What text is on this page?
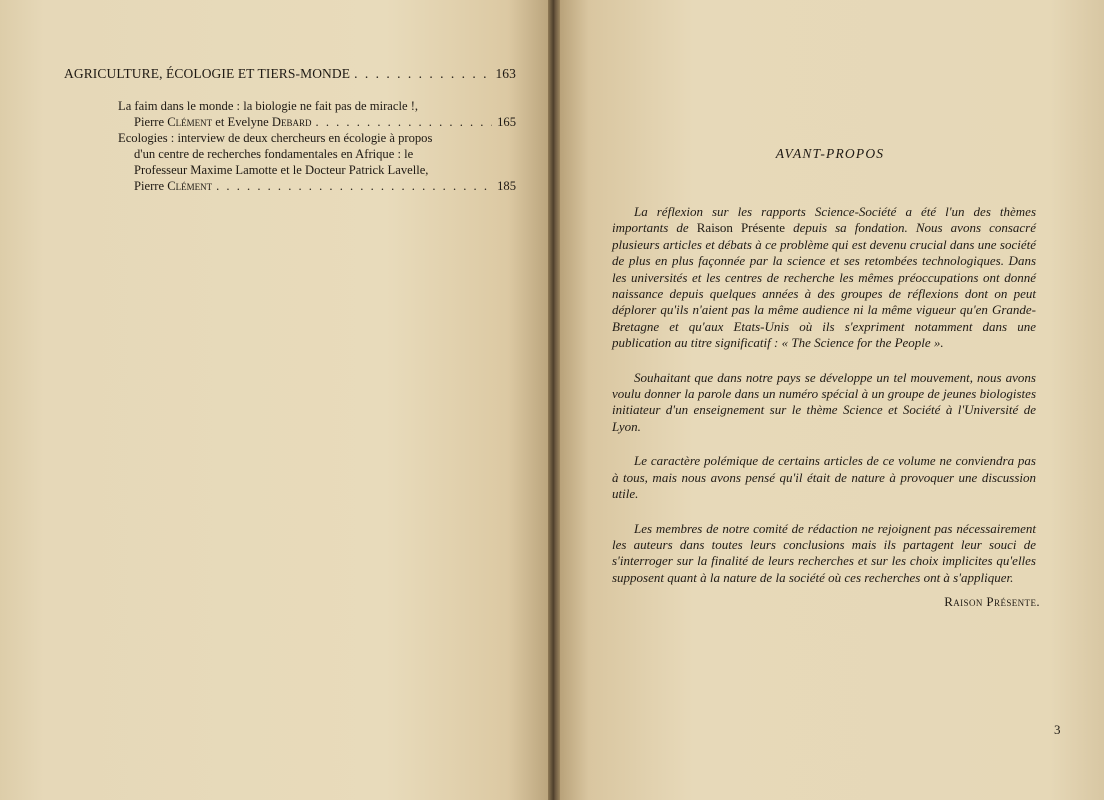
AGRICULTURE, ÉCOLOGIE ET TIERS-MONDE . . .	163
La faim dans le monde : la biologie ne fait pas de miracle !,
Pierre Clément et Evelyne Debard . . .	165
Ecologies : interview de deux chercheurs en écologie à propos
d'un centre de recherches fondamentales en Afrique : le
Professeur Maxime Lamotte et le Docteur Patrick Lavelle,
Pierre Clément . . .	185
AVANT-PROPOS

La réflexion sur les rapports Science-Société a été l'un des thèmes importants de Raison Présente depuis sa fondation. Nous avons consacré plusieurs articles et débats à ce problème qui est devenu crucial dans une société de plus en plus façonnée par la science et ses retombées technologiques. Dans les universités et les centres de recherche les mêmes préoccupations ont donné naissance depuis quelques années à des groupes de réflexions dont on peut déplorer qu'ils n'aient pas la même audience ni la même vigueur qu'en Grande-Bretagne et qu'aux Etats-Unis où ils s'expriment notamment dans une publication au titre significatif : « The Science for the People ».

Souhaitant que dans notre pays se développe un tel mouvement, nous avons voulu donner la parole dans un numéro spécial à un groupe de jeunes biologistes initiateur d'un enseignement sur le thème Science et Société à l'Université de Lyon.

Le caractère polémique de certains articles de ce volume ne conviendra pas à tous, mais nous avons pensé qu'il était de nature à provoquer une discussion utile.

Les membres de notre comité de rédaction ne rejoignent pas nécessairement les auteurs dans toutes leurs conclusions mais ils partagent leur souci de s'interroger sur la finalité de leurs recherches et sur les choix implicites qu'elles supposent quant à la nature de la société où ces recherches ont à s'appliquer.

Raison Présente.
3
